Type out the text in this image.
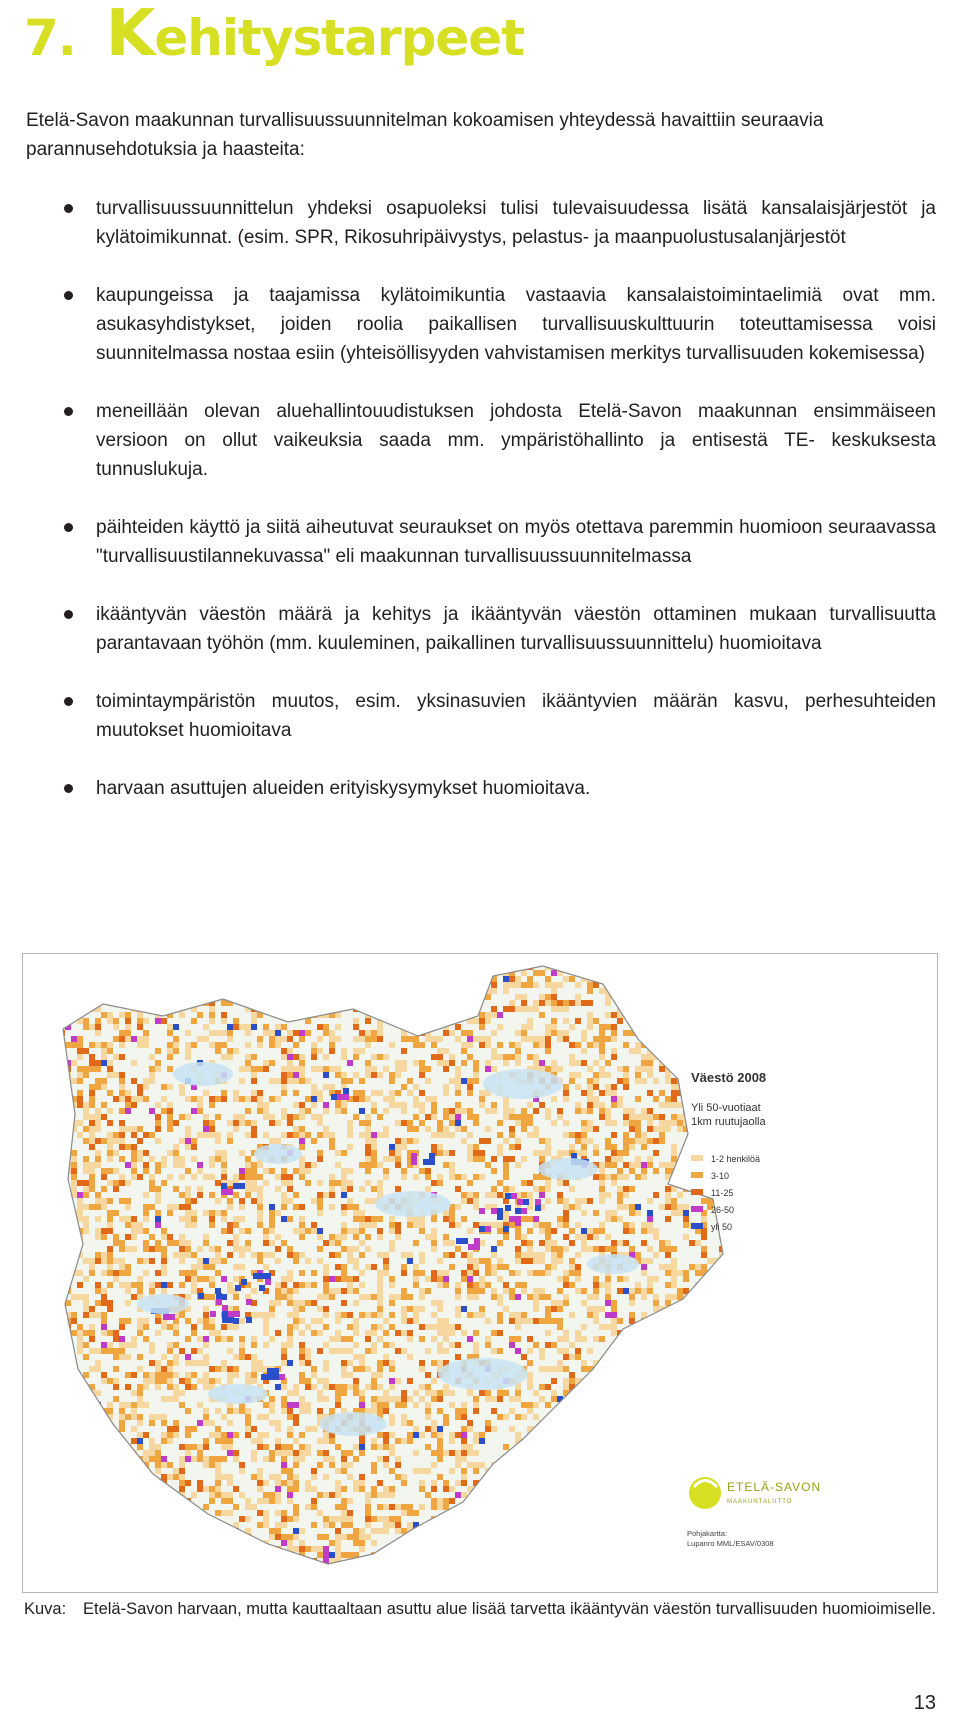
7. Kehitystarpeet

Etelä-Savon maakunnan turvallisuussuunnitelman kokoamisen yhteydessä havaittiin seuraavia parannusehdotuksia ja haasteita:

turvallisuussuunnittelun yhdeksi osapuoleksi tulisi tulevaisuudessa lisätä kansalaisjärjestöt ja kylätoimikunnat. (esim. SPR, Rikosuhripäivystys, pelastus- ja maanpuolustusalanjärjestöt
kaupungeissa ja taajamissa kylätoimikuntia vastaavia kansalaistoimintaelimiä ovat mm. asukasyhdistykset, joiden roolia paikallisen turvallisuuskulttuurin toteuttamisessa voisi suunnitelmassa nostaa esiin (yhteisöllisyyden vahvistamisen merkitys turvallisuuden kokemisessa)
meneillään olevan aluehallintouudistuksen johdosta Etelä-Savon maakunnan ensimmäiseen versioon on ollut vaikeuksia saada mm. ympäristöhallinto ja entisestä TE- keskuksesta tunnuslukuja.
päihteiden käyttö ja siitä aiheutuvat seuraukset on myös otettava paremmin huomioon seuraavassa "turvallisuustilannekuvassa" eli maakunnan turvallisuussuunnitelmassa
ikääntyvän väestön määrä ja kehitys ja ikääntyvän väestön ottaminen mukaan turvallisuutta parantavaan työhön (mm. kuuleminen, paikallinen turvallisuussuunnittelu) huomioitava
toimintaympäristön muutos, esim. yksinasuvien ikääntyvien määrän kasvu, perhesuhteiden muutokset huomioitava
harvaan asuttujen alueiden erityiskysymykset huomioitava.
Väestö 2008
Yli 50-vuotiaat
1km ruutujaolla
1-2 henkilöä
3-10
11-25
26-50
yli 50
ETELÄ-SAVON
MAAKUNTALIITTO
Pohjakartta:
Lupanro MML/ESAV/0308
Kuva:	Etelä-Savon harvaan, mutta kauttaaltaan asuttu alue lisää tarvetta ikääntyvän väestön turvallisuuden huomioimiselle.
13
